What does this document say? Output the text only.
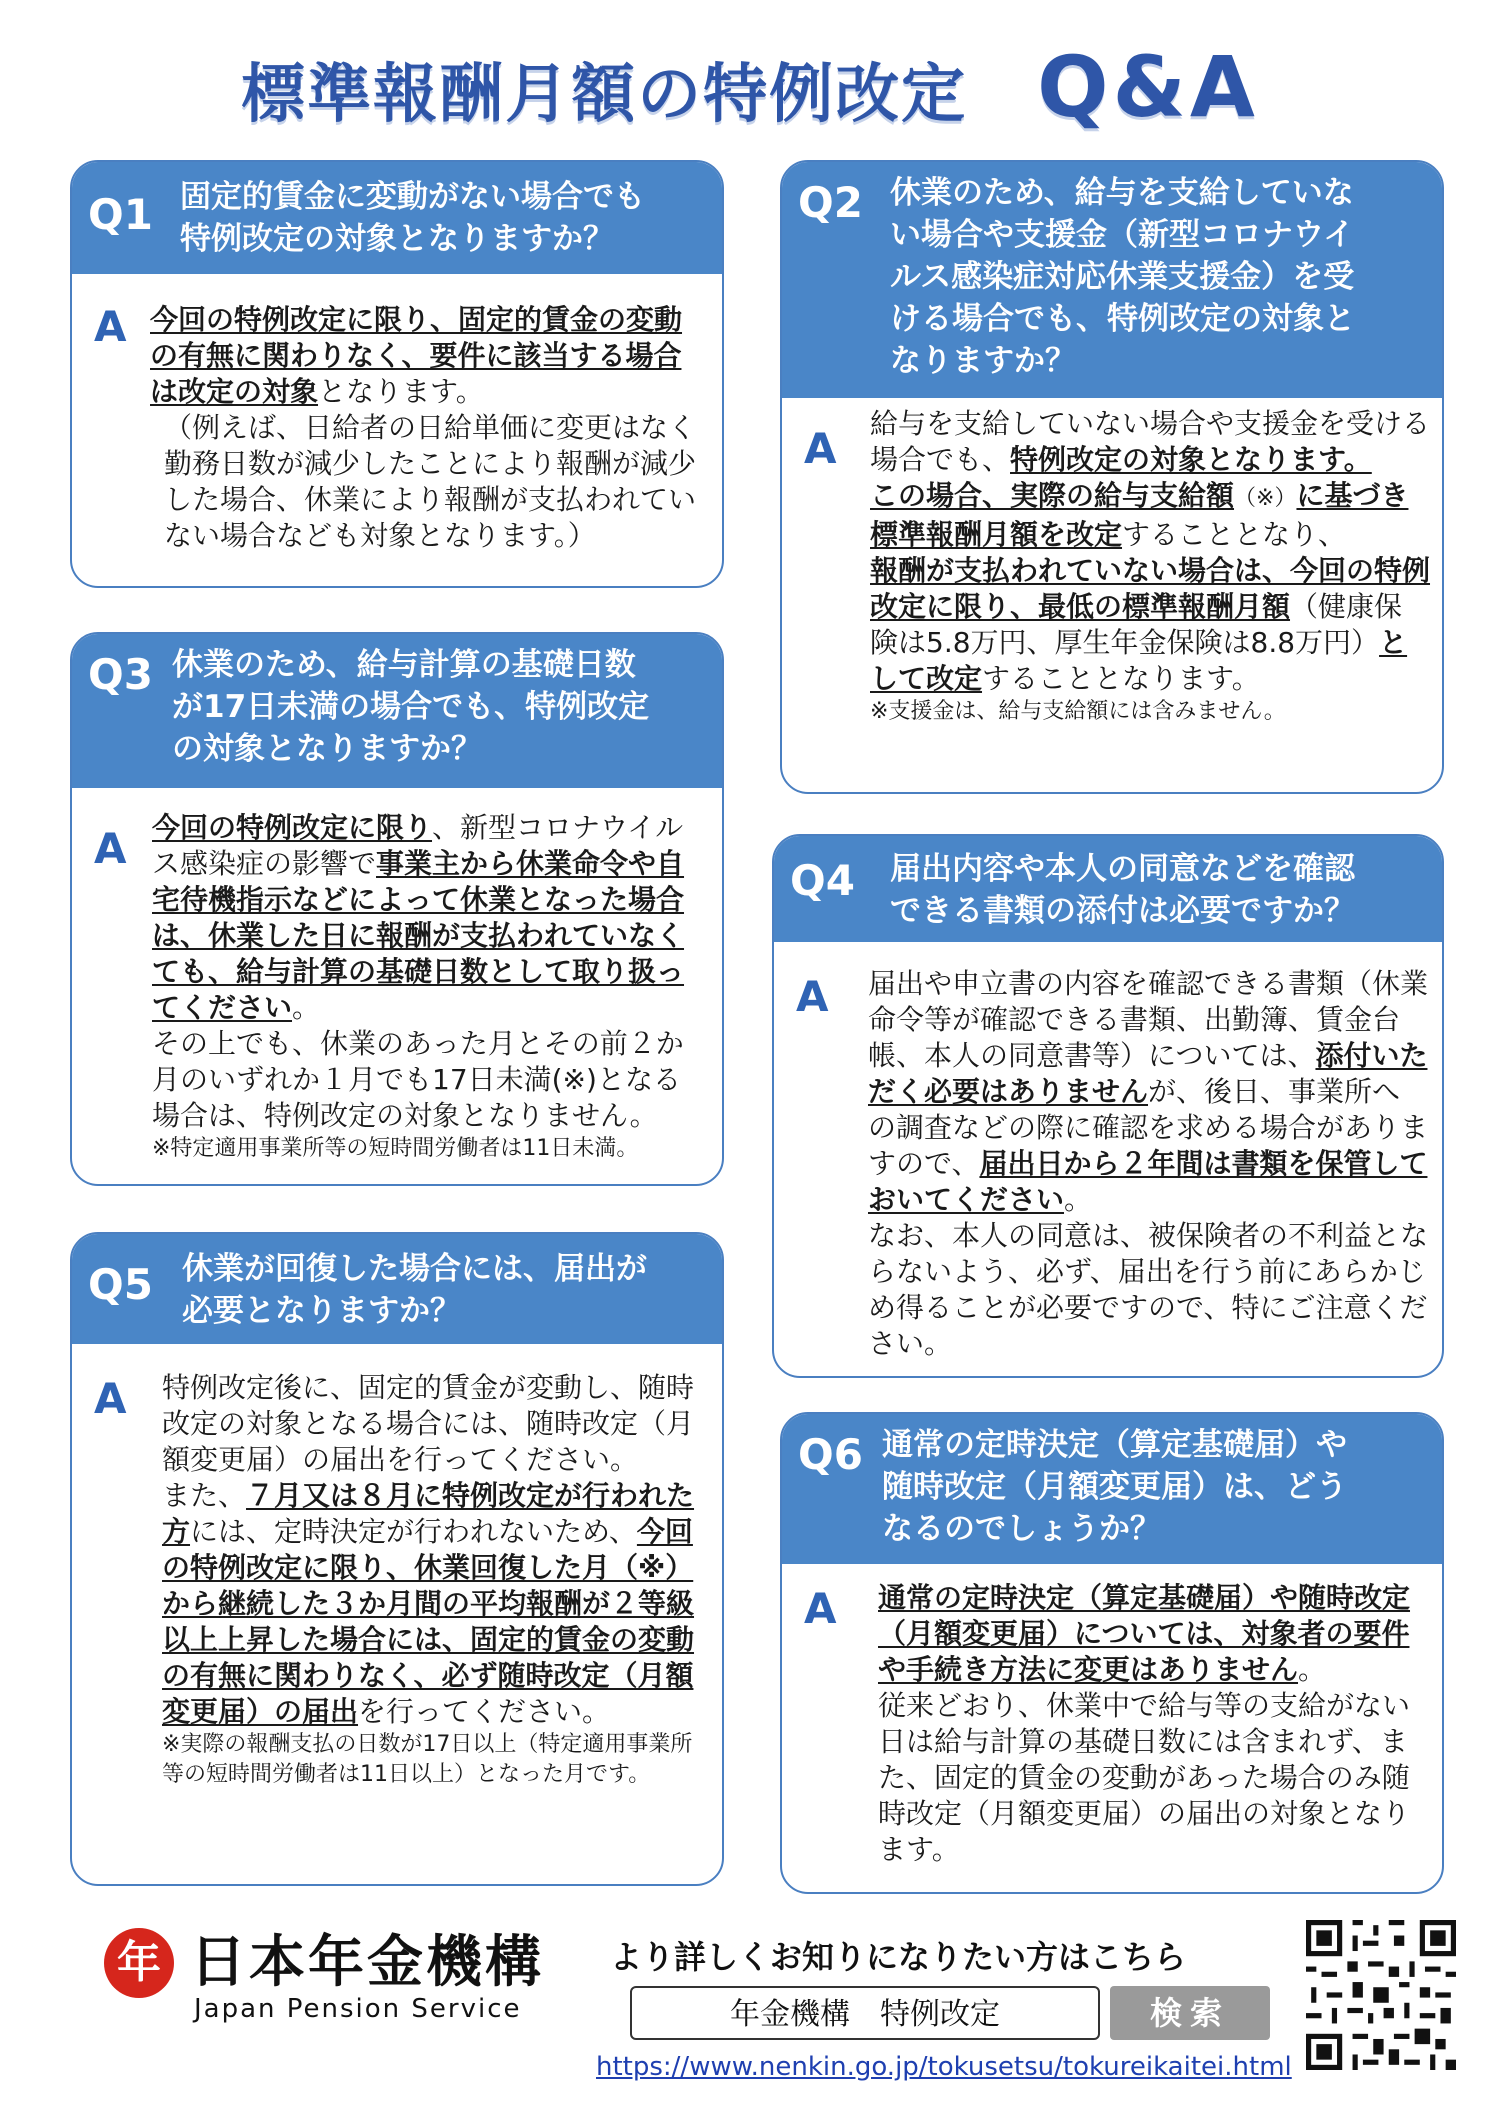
標準報酬月額の特例改定 Q&A
Q1 固定的賃金に変動がない場合でも
特例改定の対象となりますか？
A 今回の特例改定に限り、固定的賃金の変動の有無に関わりなく、要件に該当する場合は改定の対象となります。

（例えば、日給者の日給単価に変更はなく勤務日数が減少したことにより報酬が減少した場合、休業により報酬が支払われていない場合なども対象となります。）

Q2 休業のため、給与を支給していな
い場合や支援金（新型コロナウイ
ルス感染症対応休業支援金）を受
ける場合でも、特例改定の対象と
なりますか？
A

給与を支給していない場合や支援金を受ける場合でも、特例改定の対象となります。

この場合、実際の給与支給額（※）に基づき標準報酬月額を改定することとなり、

報酬が支払われていない場合は、今回の特例改定に限り、最低の標準報酬月額（健康保険は5.8万円、厚生年金保険は8.8万円）として改定することとなります。

※支援金は、給与支給額には含みません。

Q3 休業のため、給与計算の基礎日数
が17日未満の場合でも、特例改定
の対象となりますか？
A 今回の特例改定に限り、新型コロナウイルス感染症の影響で事業主から休業命令や自宅待機指示などによって休業となった場合は、休業した日に報酬が支払われていなくても、給与計算の基礎日数として取り扱ってください。

その上でも、休業のあった月とその前２か月のいずれか１月でも17日未満(※)となる場合は、特例改定の対象となりません。

※特定適用事業所等の短時間労働者は11日未満。

Q4 届出内容や本人の同意などを確認
できる書類の添付は必要ですか？
A 届出や申立書の内容を確認できる書類（休業命令等が確認できる書類、出勤簿、賃金台帳、本人の同意書等）については、添付いただく必要はありませんが、後日、事業所への調査などの際に確認を求める場合がありますので、届出日から２年間は書類を保管しておいてください。

なお、本人の同意は、被保険者の不利益とならないよう、必ず、届出を行う前にあらかじめ得ることが必要ですので、特にご注意ください。

Q5 休業が回復した場合には、届出が
必要となりますか？
A 特例改定後に、固定的賃金が変動し、随時改定の対象となる場合には、随時改定（月額変更届）の届出を行ってください。

また、７月又は８月に特例改定が行われた方には、定時決定が行われないため、今回の特例改定に限り、休業回復した月（※）から継続した３か月間の平均報酬が２等級以上上昇した場合には、固定的賃金の変動の有無に関わりなく、必ず随時改定（月額変更届）の届出を行ってください。

※実際の報酬支払の日数が17日以上（特定適用事業所等の短時間労働者は11日以上）となった月です。

Q6 通常の定時決定（算定基礎届）や
随時改定（月額変更届）は、どう
なるのでしょうか？
A 通常の定時決定（算定基礎届）や随時改定（月額変更届）については、対象者の要件や手続き方法に変更はありません。

従来どおり、休業中で給与等の支給がない日は給与計算の基礎日数には含まれず、また、固定的賃金の変動があった場合のみ随時改定（月額変更届）の届出の対象となります。

年 日本年金機構
Japan Pension Service
より詳しくお知りになりたい方はこちら
年金機構　特例改定	検索
https://www.nenkin.go.jp/tokusetsu/tokureikaitei.html
